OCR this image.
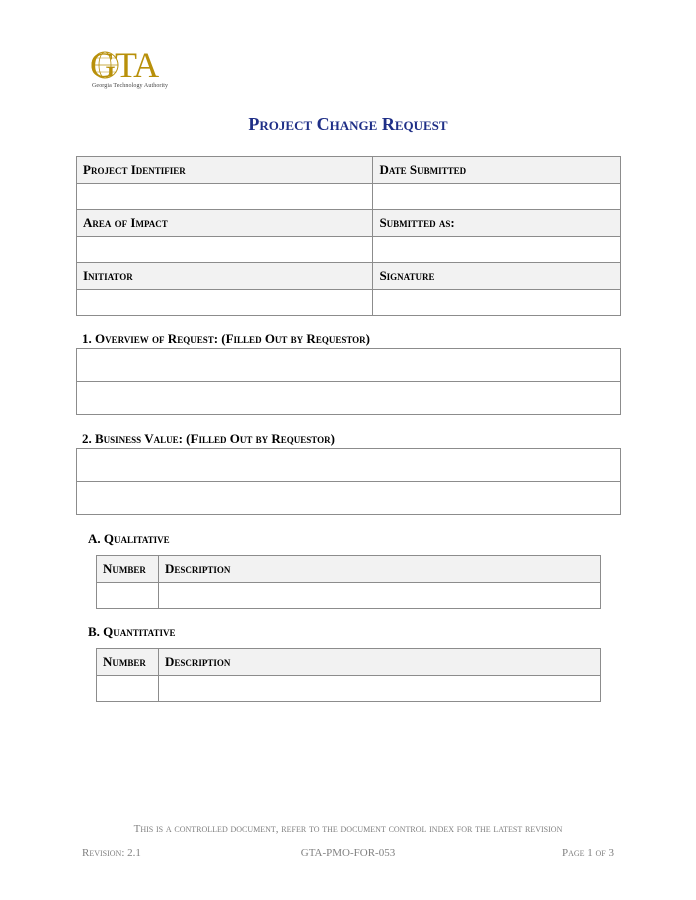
GTA
Georgia Technology Authority
Project Change Request
Project Identifier	Date Submitted

Area of Impact	Submitted as:

Initiator	Signature

1. Overview of Request: (Filled Out by Requestor)

2. Business Value: (Filled Out by Requestor)

A. Qualitative
Number	Description

B. Quantitative
Number	Description

This is a controlled document, refer to the document control index for the latest revision
Revision: 2.1	GTA-PMO-FOR-053	Page 1 of 3
